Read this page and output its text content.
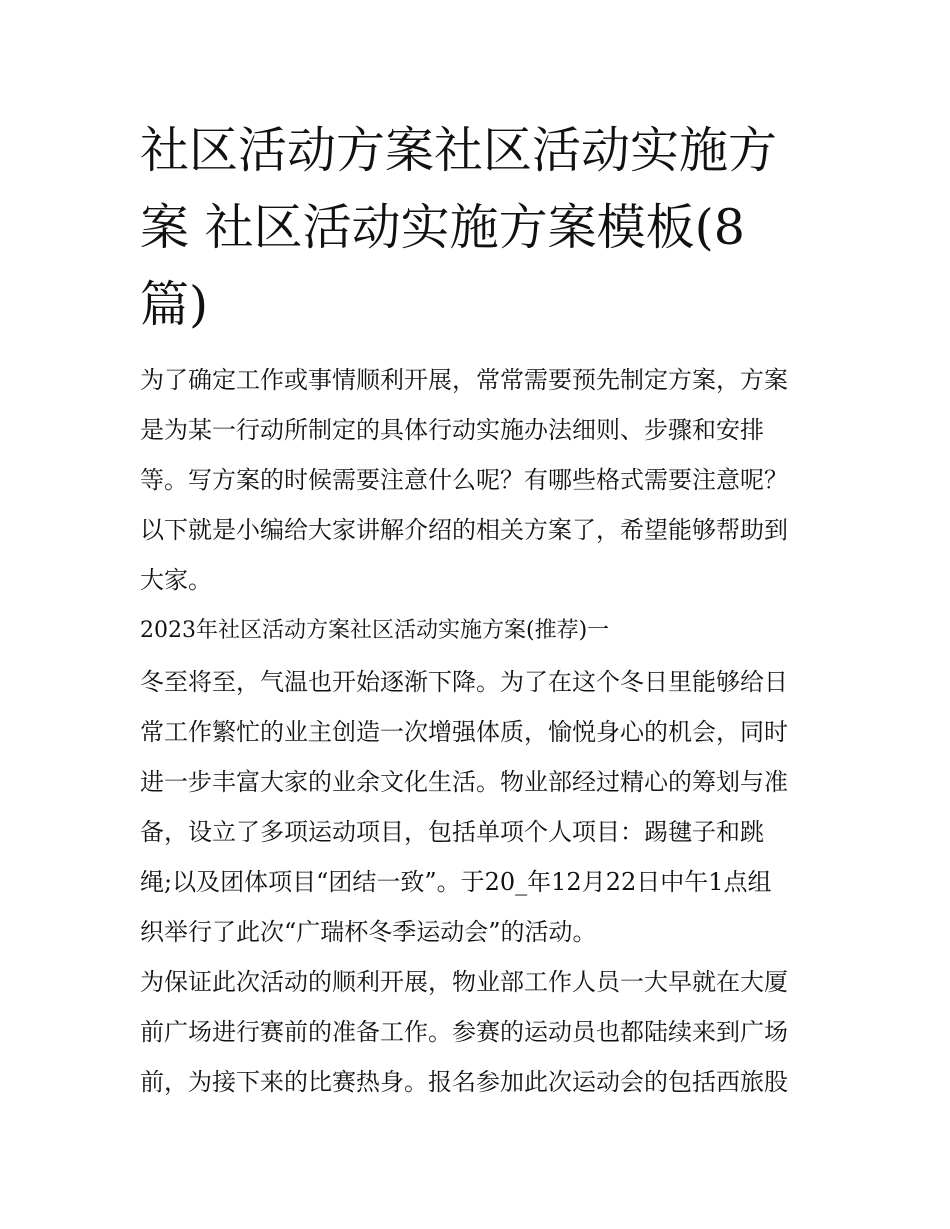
社区活动方案社区活动实施方
案 社区活动实施方案模板(8
篇)
为了确定工作或事情顺利开展，常常需要预先制定方案，方案
是为某一行动所制定的具体行动实施办法细则、步骤和安排
等。写方案的时候需要注意什么呢？有哪些格式需要注意呢？
以下就是小编给大家讲解介绍的相关方案了，希望能够帮助到
大家。
2023年社区活动方案社区活动实施方案(推荐)一
冬至将至，气温也开始逐渐下降。为了在这个冬日里能够给日
常工作繁忙的业主创造一次增强体质，愉悦身心的机会，同时
进一步丰富大家的业余文化生活。物业部经过精心的筹划与准
备，设立了多项运动项目，包括单项个人项目：踢毽子和跳
绳;以及团体项目“团结一致”。于20_年12月22日中午1点组
织举行了此次“广瑞杯冬季运动会”的活动。
为保证此次活动的顺利开展，物业部工作人员一大早就在大厦
前广场进行赛前的准备工作。参赛的运动员也都陆续来到广场
前，为接下来的比赛热身。报名参加此次运动会的包括西旅股
